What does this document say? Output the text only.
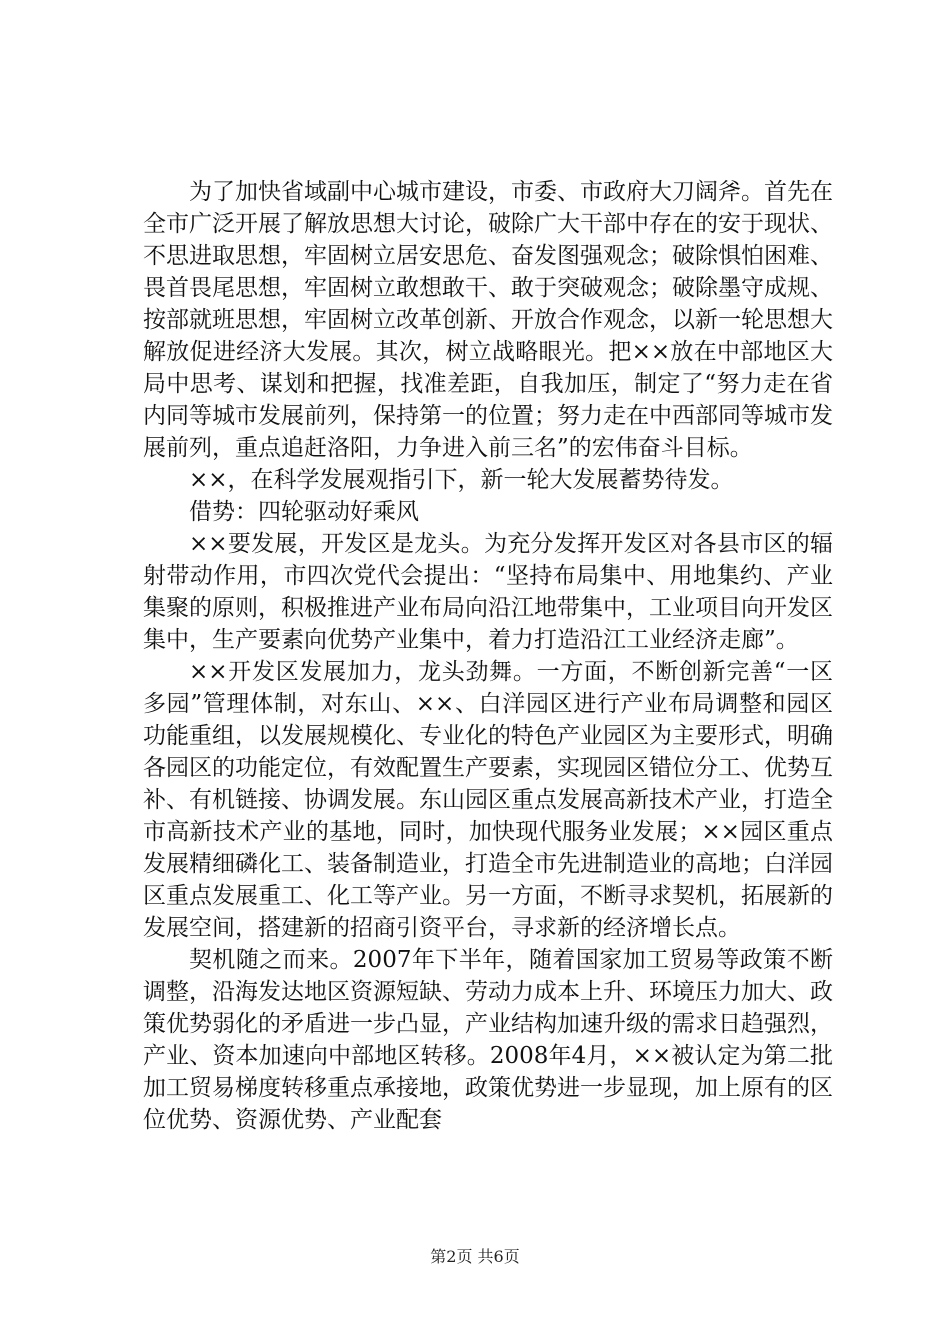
为了加快省域副中心城市建设，市委、市政府大刀阔斧。首先在全市广泛开展了解放思想大讨论，破除广大干部中存在的安于现状、不思进取思想，牢固树立居安思危、奋发图强观念；破除惧怕困难、畏首畏尾思想，牢固树立敢想敢干、敢于突破观念；破除墨守成规、按部就班思想，牢固树立改革创新、开放合作观念，以新一轮思想大解放促进经济大发展。其次，树立战略眼光。把××放在中部地区大局中思考、谋划和把握，找准差距，自我加压，制定了“努力走在省内同等城市发展前列，保持第一的位置；努力走在中西部同等城市发展前列，重点追赶洛阳，力争进入前三名”的宏伟奋斗目标。

××，在科学发展观指引下，新一轮大发展蓄势待发。

借势：四轮驱动好乘风

××要发展，开发区是龙头。为充分发挥开发区对各县市区的辐射带动作用，市四次党代会提出：“坚持布局集中、用地集约、产业集聚的原则，积极推进产业布局向沿江地带集中，工业项目向开发区集中，生产要素向优势产业集中，着力打造沿江工业经济走廊”。

××开发区发展加力，龙头劲舞。一方面，不断创新完善“一区多园”管理体制，对东山、××、白洋园区进行产业布局调整和园区功能重组，以发展规模化、专业化的特色产业园区为主要形式，明确各园区的功能定位，有效配置生产要素，实现园区错位分工、优势互补、有机链接、协调发展。东山园区重点发展高新技术产业，打造全市高新技术产业的基地，同时，加快现代服务业发展；××园区重点发展精细磷化工、装备制造业，打造全市先进制造业的高地；白洋园区重点发展重工、化工等产业。另一方面，不断寻求契机，拓展新的发展空间，搭建新的招商引资平台，寻求新的经济增长点。

契机随之而来。2007年下半年，随着国家加工贸易等政策不断调整，沿海发达地区资源短缺、劳动力成本上升、环境压力加大、政策优势弱化的矛盾进一步凸显，产业结构加速升级的需求日趋强烈，产业、资本加速向中部地区转移。2008年4月，××被认定为第二批加工贸易梯度转移重点承接地，政策优势进一步显现，加上原有的区位优势、资源优势、产业配套

第2页 共6页
